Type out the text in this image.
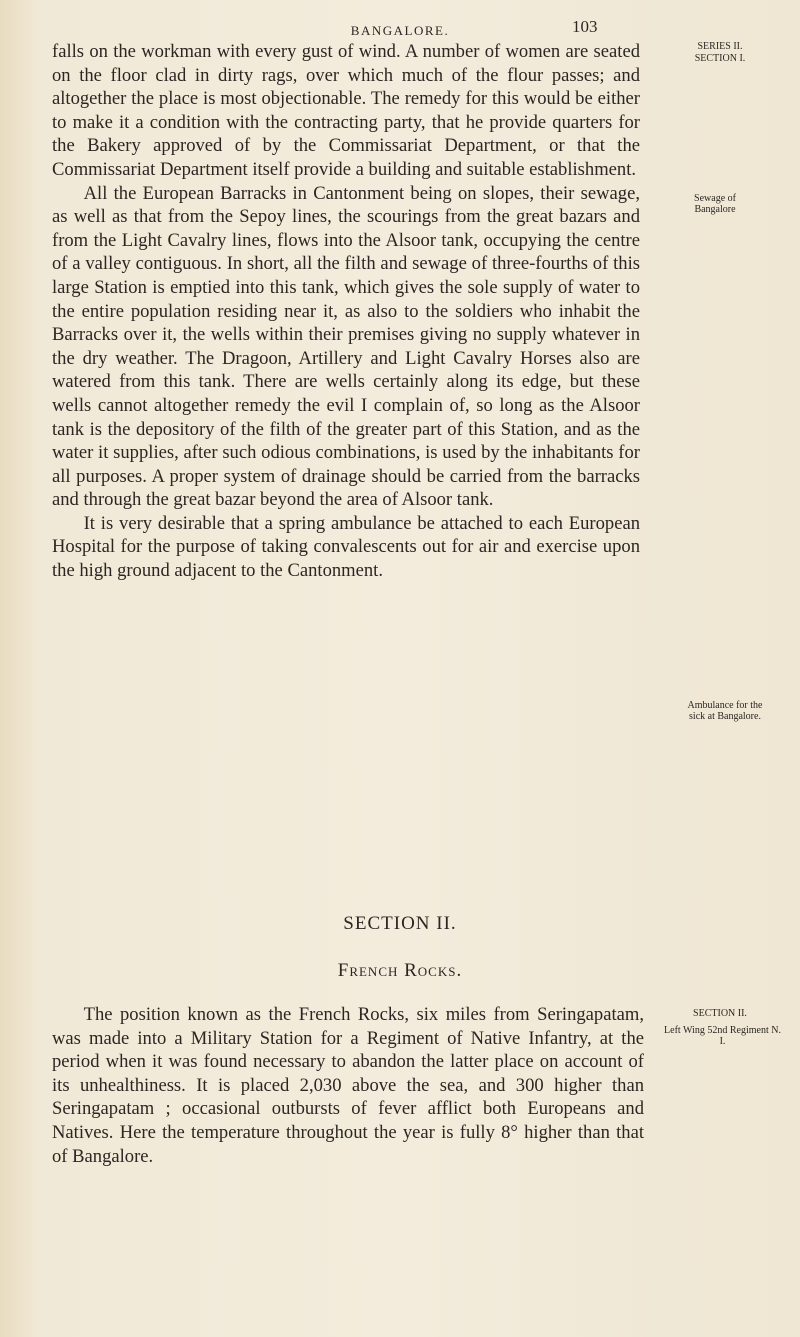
BANGALORE.	103
SERIES II.
SECTION I.
Sewage of Bangalore
Ambulance for the sick at Bangalore.
SECTION II.
Left Wing 52nd Regiment N. I.

falls on the workman with every gust of wind. A number of women are seated on the floor clad in dirty rags, over which much of the flour passes; and altogether the place is most objectionable. The remedy for this would be either to make it a condition with the contracting party, that he provide quarters for the Bakery approved of by the Commissariat Department, or that the Commissariat Department itself provide a building and suitable establishment.

All the European Barracks in Cantonment being on slopes, their sewage, as well as that from the Sepoy lines, the scourings from the great bazars and from the Light Cavalry lines, flows into the Alsoor tank, occupying the centre of a valley contiguous. In short, all the filth and sewage of three-fourths of this large Station is emptied into this tank, which gives the sole supply of water to the entire population residing near it, as also to the soldiers who inhabit the Barracks over it, the wells within their premises giving no supply whatever in the dry weather. The Dragoon, Artillery and Light Cavalry Horses also are watered from this tank. There are wells certainly along its edge, but these wells cannot altogether remedy the evil I complain of, so long as the Alsoor tank is the depository of the filth of the greater part of this Station, and as the water it supplies, after such odious combinations, is used by the inhabitants for all purposes. A proper system of drainage should be carried from the barracks and through the great bazar beyond the area of Alsoor tank.

It is very desirable that a spring ambulance be attached to each European Hospital for the purpose of taking convalescents out for air and exercise upon the high ground adjacent to the Cantonment.

SECTION II.
French Rocks.

The position known as the French Rocks, six miles from Seringapatam, was made into a Military Station for a Regiment of Native Infantry, at the period when it was found necessary to abandon the latter place on account of its unhealthiness. It is placed 2,030 above the sea, and 300 higher than Seringapatam ; occasional outbursts of fever afflict both Europeans and Natives. Here the temperature throughout the year is fully 8° higher than that of Bangalore.
